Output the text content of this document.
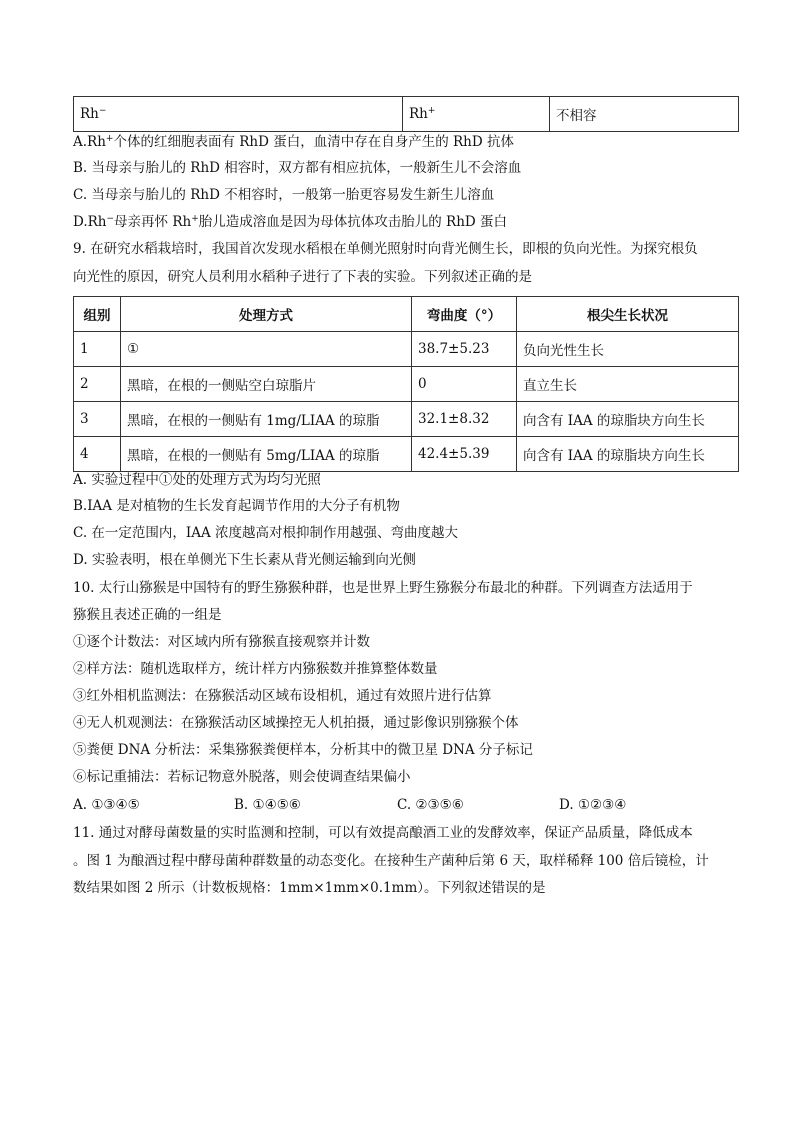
Rh−	Rh+	不相容
A.Rh+个体的红细胞表面有 RhD 蛋白，血清中存在自身产生的 RhD 抗体
B. 当母亲与胎儿的 RhD 相容时，双方都有相应抗体，一般新生儿不会溶血
C. 当母亲与胎儿的 RhD 不相容时，一般第一胎更容易发生新生儿溶血
D.Rh−母亲再怀 Rh+胎儿造成溶血是因为母体抗体攻击胎儿的 RhD 蛋白
9. 在研究水稻栽培时，我国首次发现水稻根在单侧光照射时向背光侧生长，即根的负向光性。为探究根负
向光性的原因，研究人员利用水稻种子进行了下表的实验。下列叙述正确的是
组别	处理方式	弯曲度（°）	根尖生长状况
1	①	38.7±5.23	负向光性生长
2	黑暗，在根的一侧贴空白琼脂片	0	直立生长
3	黑暗，在根的一侧贴有 1mg/LIAA 的琼脂	32.1±8.32	向含有 IAA 的琼脂块方向生长
4	黑暗，在根的一侧贴有 5mg/LIAA 的琼脂	42.4±5.39	向含有 IAA 的琼脂块方向生长
A. 实验过程中①处的处理方式为均匀光照
B.IAA 是对植物的生长发育起调节作用的大分子有机物
C. 在一定范围内，IAA 浓度越高对根抑制作用越强、弯曲度越大
D. 实验表明，根在单侧光下生长素从背光侧运输到向光侧
10. 太行山猕猴是中国特有的野生猕猴种群，也是世界上野生猕猴分布最北的种群。下列调查方法适用于
猕猴且表述正确的一组是
①逐个计数法：对区域内所有猕猴直接观察并计数
②样方法：随机选取样方，统计样方内猕猴数并推算整体数量
③红外相机监测法：在猕猴活动区域布设相机，通过有效照片进行估算
④无人机观测法：在猕猴活动区域操控无人机拍摄，通过影像识别猕猴个体
⑤粪便 DNA 分析法：采集猕猴粪便样本，分析其中的微卫星 DNA 分子标记
⑥标记重捕法：若标记物意外脱落，则会使调查结果偏小
A. ①③④⑤	B. ①④⑤⑥	C. ②③⑤⑥	D. ①②③④
11. 通过对酵母菌数量的实时监测和控制，可以有效提高酿酒工业的发酵效率，保证产品质量，降低成本
。图 1 为酿酒过程中酵母菌种群数量的动态变化。在接种生产菌种后第 6 天，取样稀释 100 倍后镜检，计
数结果如图 2 所示（计数板规格：1mm×1mm×0.1mm）。下列叙述错误的是
